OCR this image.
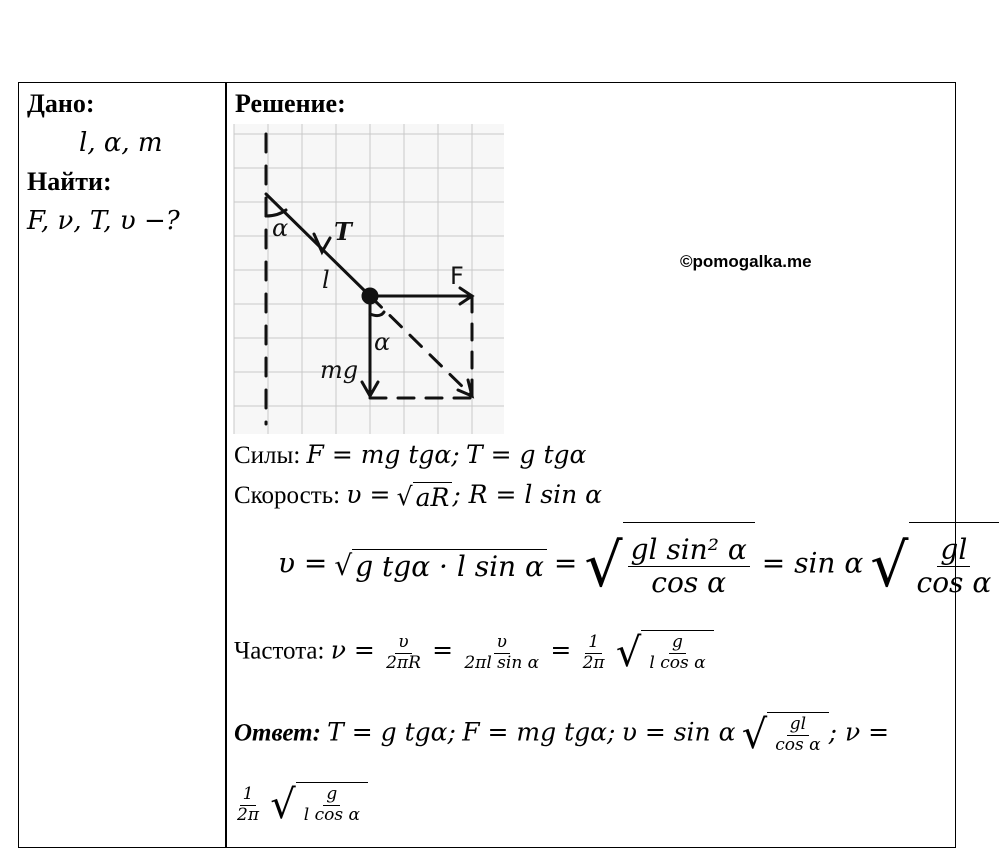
Дано:
l, α, m
Найти:
F, ν, T, υ −?
Решение:
α T
l	F
α
mg
©pomogalka.me
Силы: F = mg tgα; T = g tgα
Скорость: υ = √ aR ; R = l sin α
υ = √ g tgα · l sin α = √ $\frac{\text{gl sin² α}}{\text{cos α}} = \sin \alpha$ √ $\frac{gl}{\text{cos α}}$
Частота: $\nu = \frac{\upsilon}{2\pi R} = \frac{\upsilon}{\text{2πl sin α}} = \frac{1}{2\pi}$
√ $\frac{g}{\text{l cos α}}$
Ответ: T = g tgα; F = mg tgα; υ = sin α √ $\frac{gl}{\text{cos α}}$ ; ν =
$\frac{1}{2\pi}$
√ $\frac{g}{\text{l cos α}}$
